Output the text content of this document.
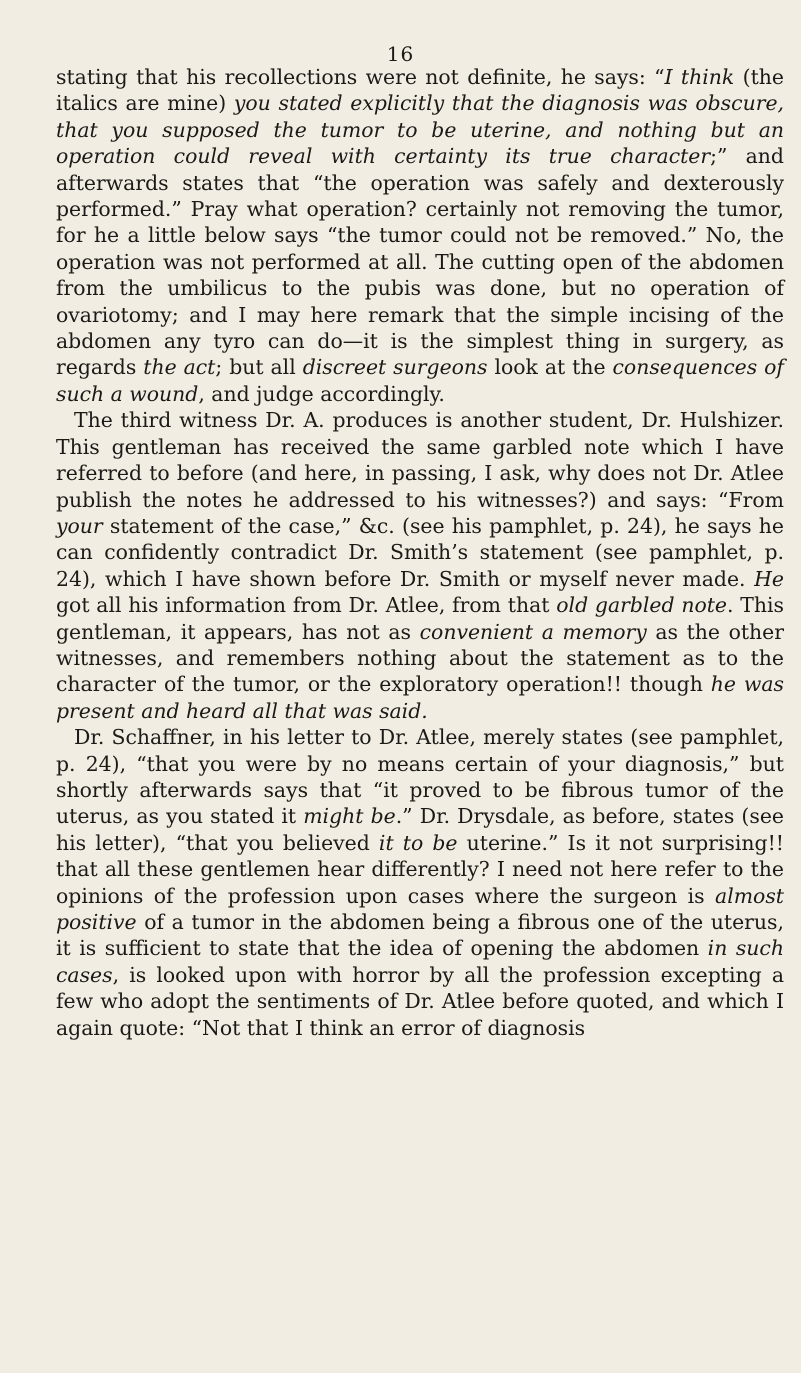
16

stating that his recollections were not definite, he says: “I think (the italics are mine) you stated explicitly that the diagnosis was obscure, that you supposed the tumor to be uterine, and nothing but an operation could reveal with certainty its true character;” and afterwards states that “the operation was safely and dexterously performed.” Pray what operation? certainly not removing the tumor, for he a little below says “the tumor could not be removed.” No, the operation was not performed at all. The cutting open of the abdomen from the umbilicus to the pubis was done, but no operation of ovariotomy; and I may here remark that the simple incising of the abdomen any tyro can do—it is the simplest thing in surgery, as regards the act; but all discreet surgeons look at the consequences of such a wound, and judge accordingly.

The third witness Dr. A. produces is another student, Dr. Hulshizer. This gentleman has received the same garbled note which I have referred to before (and here, in passing, I ask, why does not Dr. Atlee publish the notes he addressed to his witnesses?) and says: “From your statement of the case,” &c. (see his pamphlet, p. 24), he says he can confidently contradict Dr. Smith’s statement (see pamphlet, p. 24), which I have shown before Dr. Smith or myself never made. He got all his information from Dr. Atlee, from that old garbled note. This gentleman, it appears, has not as convenient a memory as the other witnesses, and remembers nothing about the statement as to the character of the tumor, or the exploratory operation!! though he was present and heard all that was said.

Dr. Schaffner, in his letter to Dr. Atlee, merely states (see pamphlet, p. 24), “that you were by no means certain of your diagnosis,” but shortly afterwards says that “it proved to be fibrous tumor of the uterus, as you stated it might be.” Dr. Drysdale, as before, states (see his letter), “that you believed it to be uterine.” Is it not surprising!! that all these gentlemen hear differently? I need not here refer to the opinions of the profession upon cases where the surgeon is almost positive of a tumor in the abdomen being a fibrous one of the uterus, it is sufficient to state that the idea of opening the abdomen in such cases, is looked upon with horror by all the profession excepting a few who adopt the sentiments of Dr. Atlee before quoted, and which I again quote: “Not that I think an error of diagnosis
